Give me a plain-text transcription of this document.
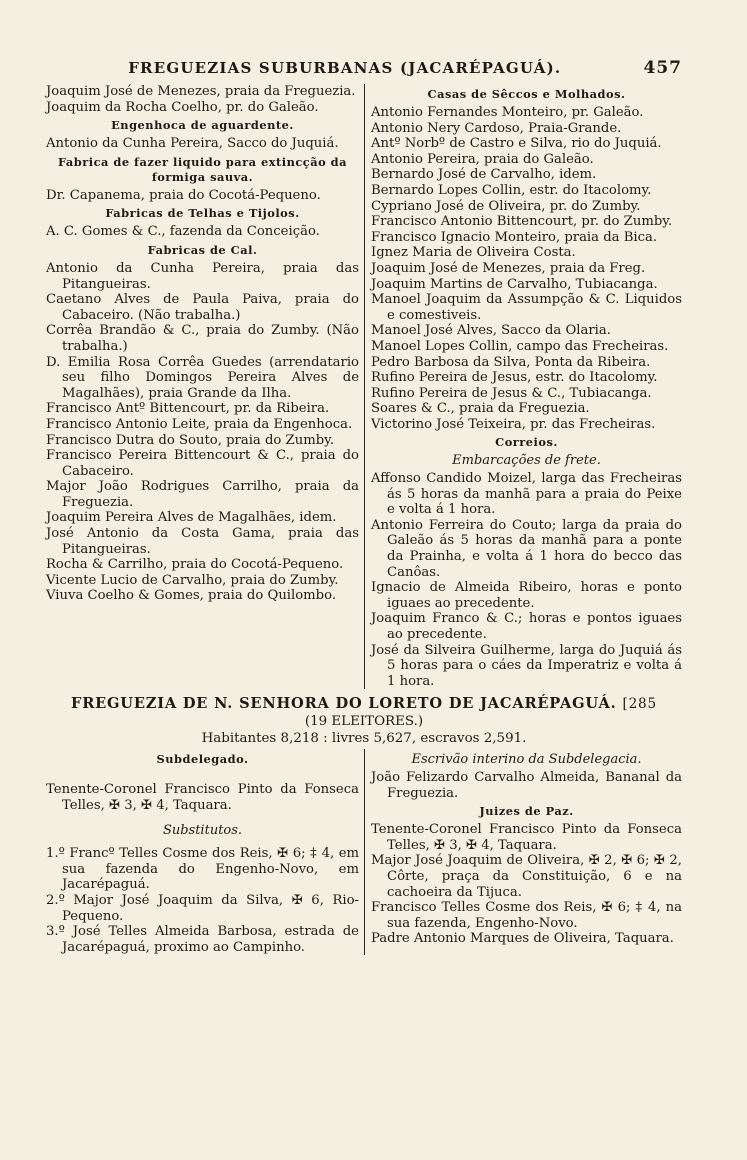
FREGUEZIAS SUBURBANAS (JACARÉPAGUÁ).	457

Joaquim José de Menezes, praia da Freguezia.

Joaquim da Rocha Coelho, pr. do Galeão.

Engenhoca de aguardente.

Antonio da Cunha Pereira, Sacco do Juquiá.

Fabrica de fazer liquido para extincção da formiga sauva.

Dr. Capanema, praia do Cocotá-Pequeno.

Fabricas de Telhas e Tijolos.

A. C. Gomes & C., fazenda da Conceição.

Fabricas de Cal.

Antonio da Cunha Pereira, praia das Pitangueiras.

Caetano Alves de Paula Paiva, praia do Cabaceiro. (Não trabalha.)

Corrêa Brandão & C., praia do Zumby. (Não trabalha.)

D. Emilia Rosa Corrêa Guedes (arrendatario seu filho Domingos Pereira Alves de Magalhães), praia Grande da Ilha.

Francisco Antº Bittencourt, pr. da Ribeira.

Francisco Antonio Leite, praia da Engenhoca.

Francisco Dutra do Souto, praia do Zumby.

Francisco Pereira Bittencourt & C., praia do Cabaceiro.

Major João Rodrigues Carrilho, praia da Freguezia.

Joaquim Pereira Alves de Magalhães, idem.

José Antonio da Costa Gama, praia das Pitangueiras.

Rocha & Carrilho, praia do Cocotá-Pequeno.

Vicente Lucio de Carvalho, praia do Zumby.

Viuva Coelho & Gomes, praia do Quilombo.

Casas de Sêccos e Molhados.

Antonio Fernandes Monteiro, pr. Galeão.

Antonio Nery Cardoso, Praia-Grande.

Antº Norbº de Castro e Silva, rio do Juquiá.

Antonio Pereira, praia do Galeão.

Bernardo José de Carvalho, idem.

Bernardo Lopes Collin, estr. do Itacolomy.

Cypriano José de Oliveira, pr. do Zumby.

Francisco Antonio Bittencourt, pr. do Zumby.

Francisco Ignacio Monteiro, praia da Bica.

Ignez Maria de Oliveira Costa.

Joaquim José de Menezes, praia da Freg.

Joaquim Martins de Carvalho, Tubiacanga.

Manoel Joaquim da Assumpção & C. Liquidos e comestiveis.

Manoel José Alves, Sacco da Olaria.

Manoel Lopes Collin, campo das Frecheiras.

Pedro Barbosa da Silva, Ponta da Ribeira.

Rufino Pereira de Jesus, estr. do Itacolomy.

Rufino Pereira de Jesus & C., Tubiacanga.

Soares & C., praia da Freguezia.

Victorino José Teixeira, pr. das Frecheiras.

Correios.
Embarcações de frete.

Affonso Candido Moizel, larga das Frecheiras ás 5 horas da manhã para a praia do Peixe e volta á 1 hora.

Antonio Ferreira do Couto; larga da praia do Galeão ás 5 horas da manhã para a ponte da Prainha, e volta á 1 hora do becco das Canôas.

Ignacio de Almeida Ribeiro, horas e ponto iguaes ao precedente.

Joaquim Franco & C.; horas e pontos iguaes ao precedente.

José da Silveira Guilherme, larga do Juquiá ás 5 horas para o cáes da Imperatriz e volta á 1 hora.

FREGUEZIA DE N. SENHORA DO LORETO DE JACARÉPAGUÁ. [285
(19 ELEITORES.)
Habitantes 8,218 : livres 5,627, escravos 2,591.
Subdelegado.

Tenente-Coronel Francisco Pinto da Fonseca Telles, ✠ 3, ✠ 4, Taquara.

Substitutos.

1.º Francº Telles Cosme dos Reis, ✠ 6; ‡ 4, em sua fazenda do Engenho-Novo, em Jacarépaguá.

2.º Major José Joaquim da Silva, ✠ 6, Rio-Pequeno.

3.º José Telles Almeida Barbosa, estrada de Jacarépaguá, proximo ao Campinho.

Escrivão interino da Subdelegacia.

João Felizardo Carvalho Almeida, Bananal da Freguezia.

Juizes de Paz.

Tenente-Coronel Francisco Pinto da Fonseca Telles, ✠ 3, ✠ 4, Taquara.

Major José Joaquim de Oliveira, ✠ 2, ✠ 6; ✠ 2, Côrte, praça da Constituição, 6 e na cachoeira da Tijuca.

Francisco Telles Cosme dos Reis, ✠ 6; ‡ 4, na sua fazenda, Engenho-Novo.

Padre Antonio Marques de Oliveira, Taquara.
